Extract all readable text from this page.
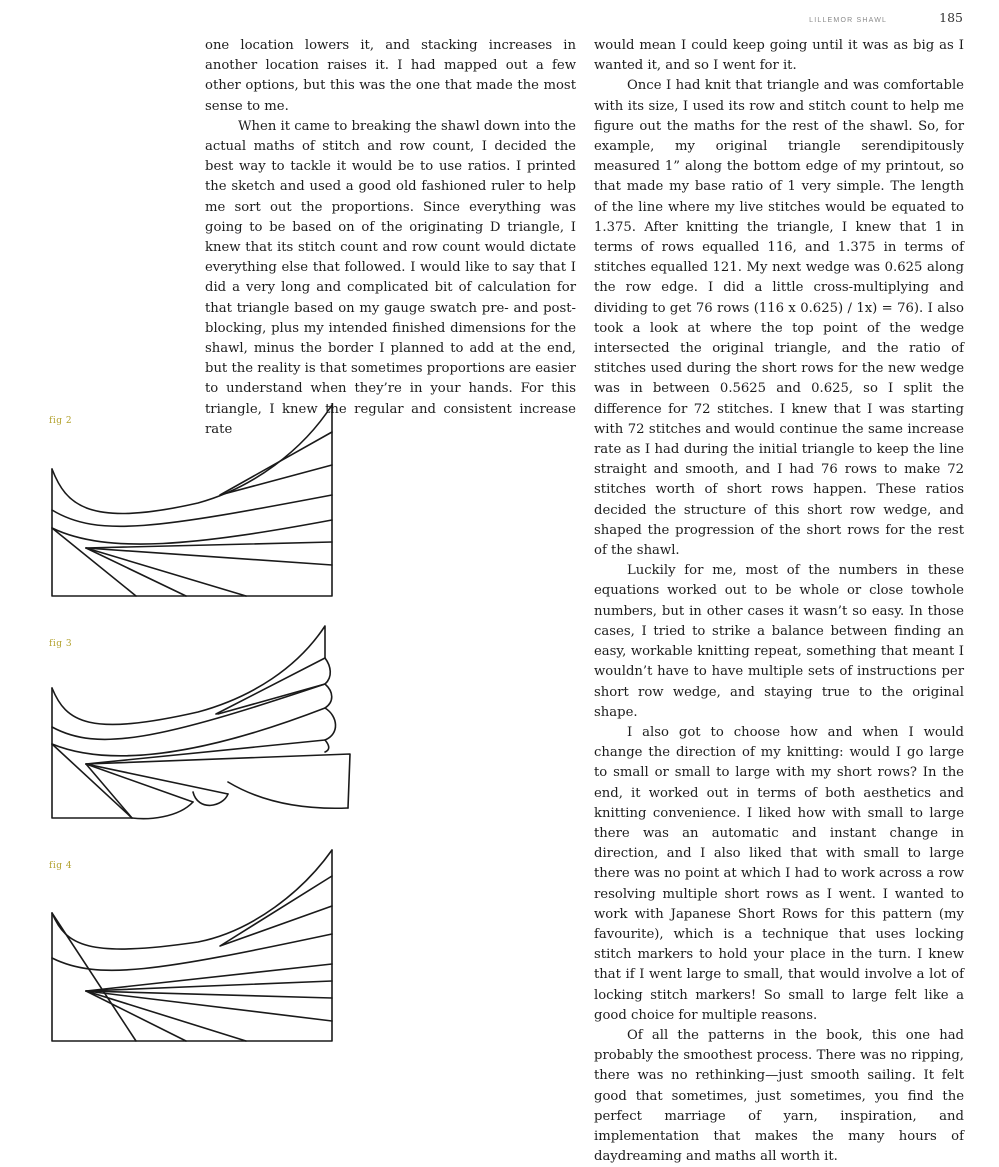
LILLEMOR SHAWL	185

one location lowers it, and stacking increases in another location raises it. I had mapped out a few other options, but this was the one that made the most sense to me.

When it came to breaking the shawl down into the actual maths of stitch and row count, I decided the best way to tackle it would be to use ratios. I printed the sketch and used a good old fashioned ruler to help me sort out the proportions. Since everything was going to be based on of the originating D triangle, I knew that its stitch count and row count would dictate everything else that followed. I would like to say that I did a very long and complicated bit of calculation for that triangle based on my gauge swatch pre- and post-blocking, plus my intended finished dimensions for the shawl, minus the border I planned to add at the end, but the reality is that sometimes proportions are easier to understand when they’re in your hands. For this triangle, I knew the regular and consistent increase rate

would mean I could keep going until it was as big as I wanted it, and so I went for it.

Once I had knit that triangle and was comfortable with its size, I used its row and stitch count to help me figure out the maths for the rest of the shawl. So, for example, my original triangle serendipitously measured 1” along the bottom edge of my printout, so that made my base ratio of 1 very simple. The length of the line where my live stitches would be equated to 1.375. After knitting the triangle, I knew that 1 in terms of rows equalled 116, and 1.375 in terms of stitches equalled 121. My next wedge was 0.625 along the row edge. I did a little cross-multiplying and dividing to get 76 rows (116 x 0.625) / 1x) = 76). I also took a look at where the top point of the wedge intersected the original triangle, and the ratio of stitches used during the short rows for the new wedge was in between 0.5625 and 0.625, so I split the difference for 72 stitches. I knew that I was starting with 72 stitches and would continue the same increase rate as I had during the initial triangle to keep the line straight and smooth, and I had 76 rows to make 72 stitches worth of short rows happen. These ratios decided the structure of this short row wedge, and shaped the progression of the short rows for the rest of the shawl.

Luckily for me, most of the numbers in these equations worked out to be whole or close towhole numbers, but in other cases it wasn’t so easy. In those cases, I tried to strike a balance between finding an easy, workable knitting repeat, something that meant I wouldn’t have to have multiple sets of instructions per short row wedge, and staying true to the original shape.

I also got to choose how and when I would change the direction of my knitting: would I go large to small or small to large with my short rows? In the end, it worked out in terms of both aesthetics and knitting convenience. I liked how with small to large there was an automatic and instant change in direction, and I also liked that with small to large there was no point at which I had to work across a row resolving multiple short rows as I went. I wanted to work with Japanese Short Rows for this pattern (my favourite), which is a technique that uses locking stitch markers to hold your place in the turn. I knew that if I went large to small, that would involve a lot of locking stitch markers! So small to large felt like a good choice for multiple reasons.

Of all the patterns in the book, this one had probably the smoothest process. There was no ripping, there was no rethinking—just smooth sailing. It felt good that sometimes, just sometimes, you find the perfect marriage of yarn, inspiration, and implementation that makes the many hours of daydreaming and maths all worth it.

fig 2
fig 3
fig 4
